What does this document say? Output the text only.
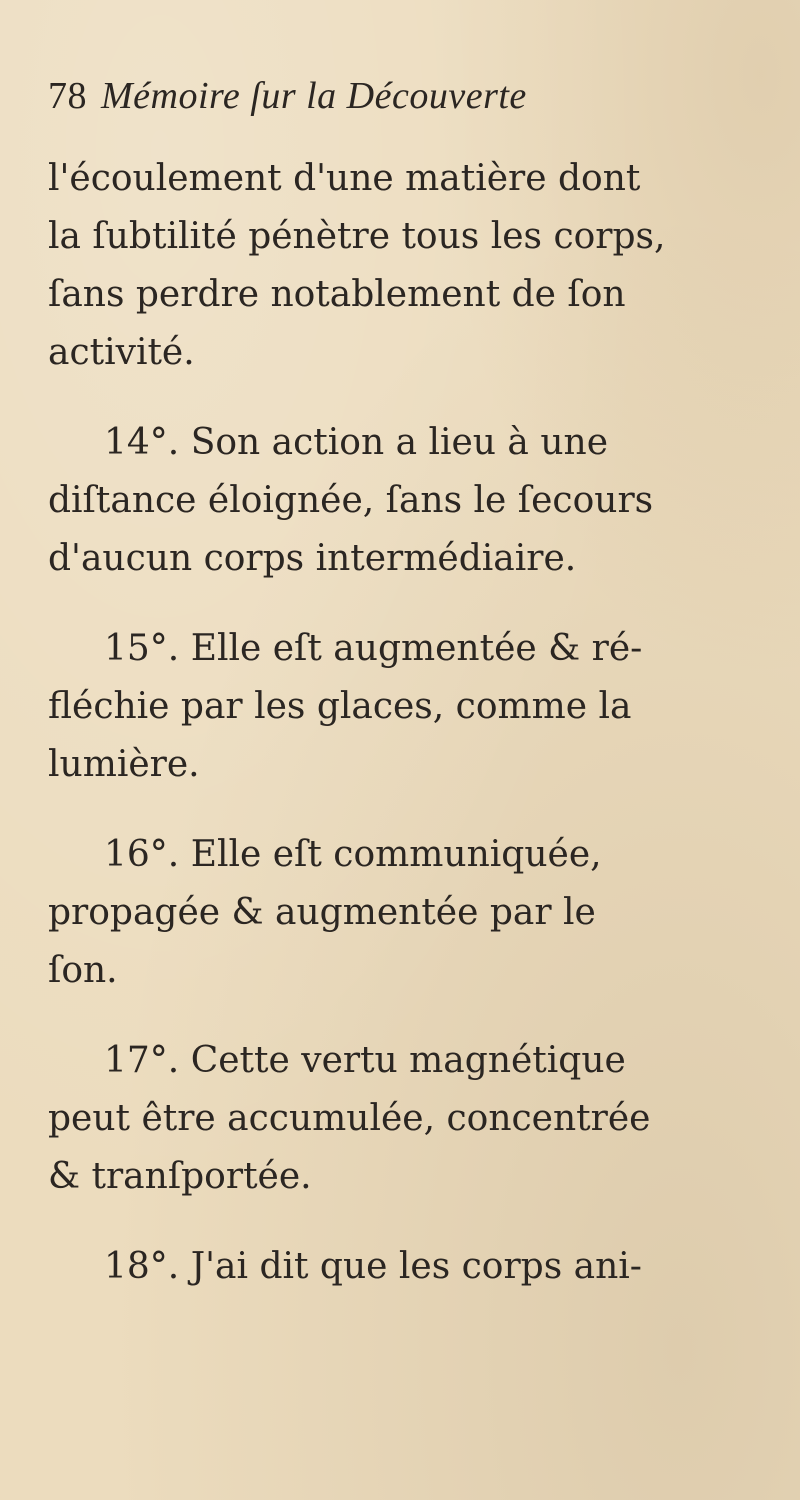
78 Mémoire ſur la Découverte

l'écoulement d'une matière dont
la ſubtilité pénètre tous les corps,
ſans perdre notablement de ſon
activité.

14°. Son action a lieu à une
diſtance éloignée, ſans le ſecours
d'aucun corps intermédiaire.

15°. Elle eſt augmentée & ré-
fléchie par les glaces, comme la
lumière.

16°. Elle eſt communiquée,
propagée & augmentée par le
ſon.

17°. Cette vertu magnétique
peut être accumulée, concentrée
& tranſportée.

18°. J'ai dit que les corps ani-
